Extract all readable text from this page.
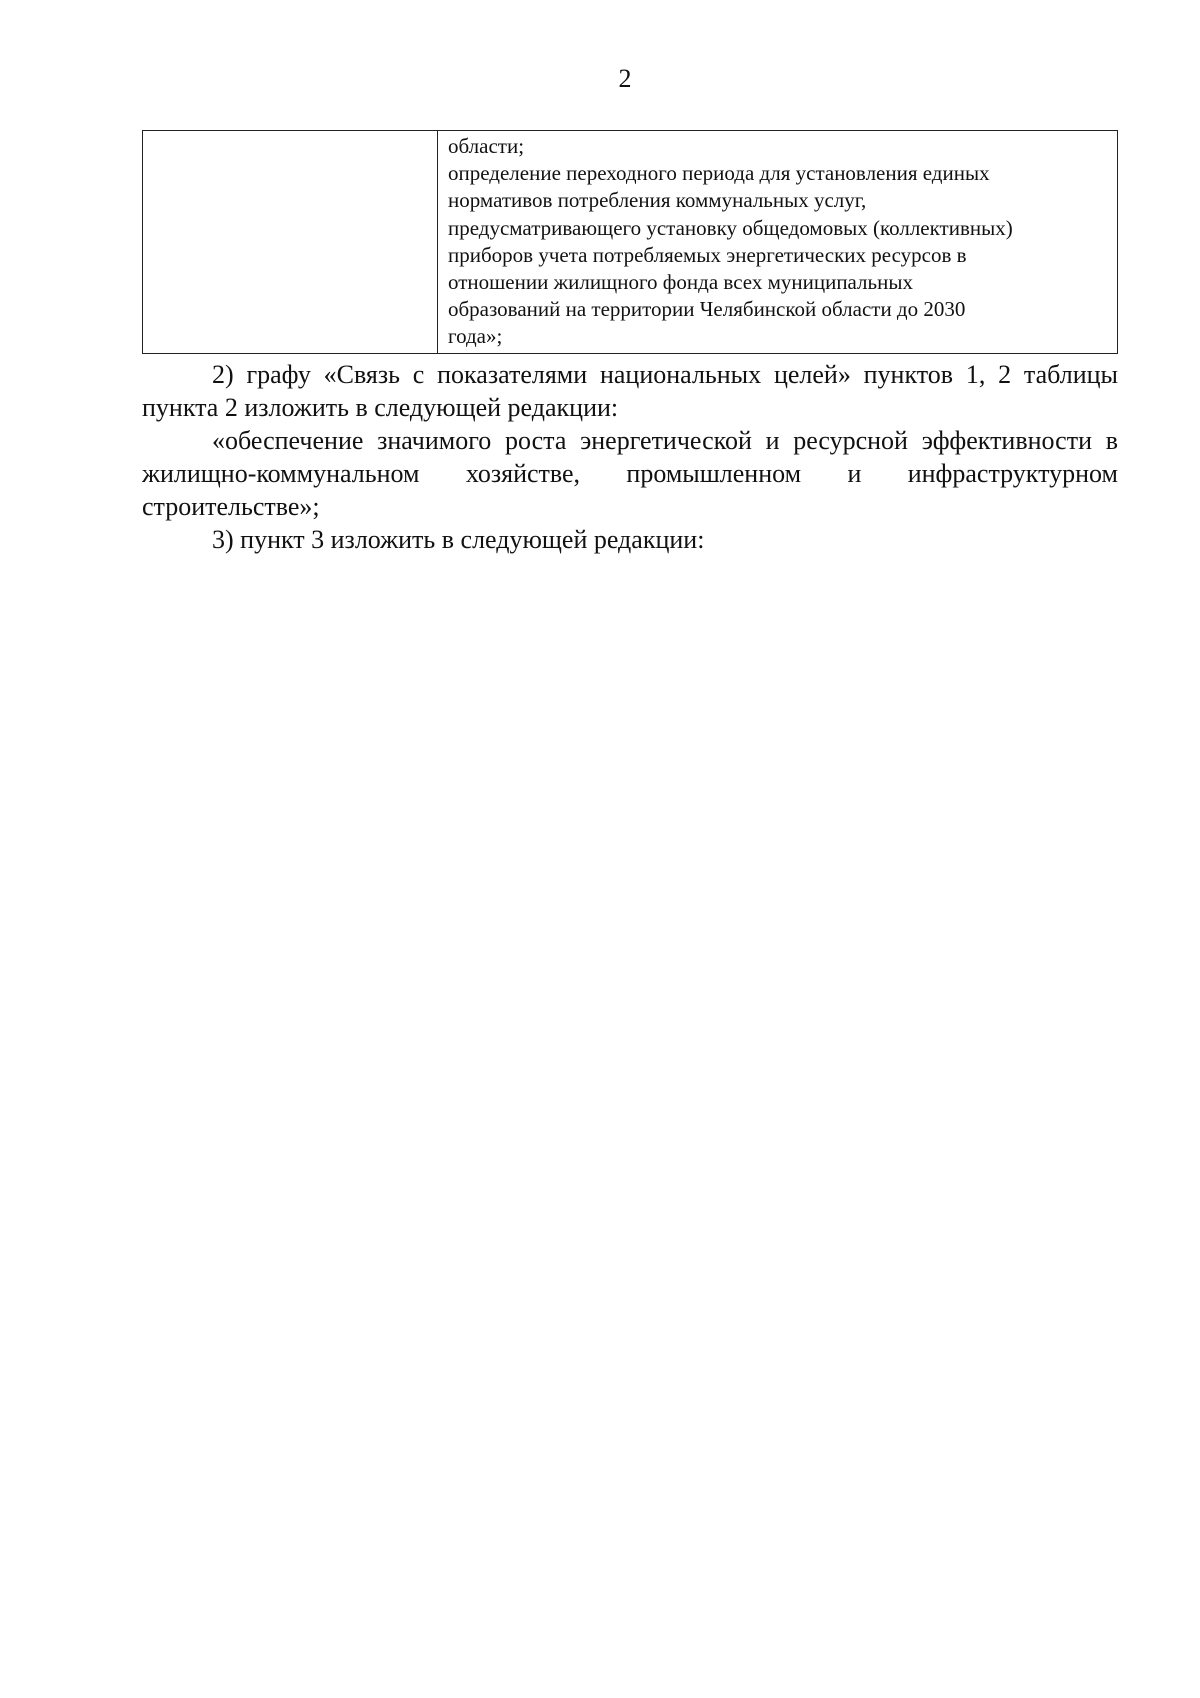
2
области;
определение переходного периода для установления единых
нормативов потребления коммунальных услуг,
предусматривающего установку общедомовых (коллективных)
приборов учета потребляемых энергетических ресурсов в
отношении жилищного фонда всех муниципальных
образований на территории Челябинской области до 2030
года»;
2) графу «Связь с показателями национальных целей» пунктов 1, 2 таблицы пункта 2 изложить в следующей редакции:
«обеспечение значимого роста энергетической и ресурсной эффективности в жилищно-коммунальном хозяйстве, промышленном и инфраструктурном строительстве»;
3) пункт 3 изложить в следующей редакции:
